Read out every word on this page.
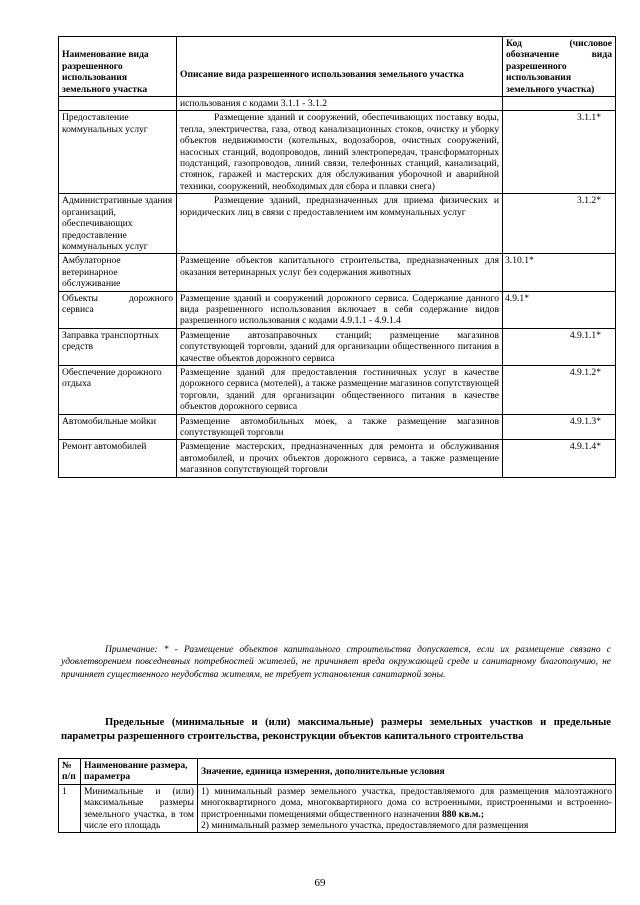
Наименование вида разрешенного использования земельного участка	Описание вида разрешенного использования земельного участка	Код (числовое обозначение вида разрешенного использования земельного участка)
	использования с кодами 3.1.1 - 3.1.2	
Предоставление коммунальных услуг	Размещение зданий и сооружений, обеспечивающих поставку воды, тепла, электричества, газа, отвод канализационных стоков, очистку и уборку объектов недвижимости (котельных, водозаборов, очистных сооружений, насосных станций, водопроводов, линий электропередач, трансформаторных подстанций, газопроводов, линий связи, телефонных станций, канализаций, стоянок, гаражей и мастерских для обслуживания уборочной и аварийной техники, сооружений, необходимых для сбора и плавки снега)	3.1.1*
Административные здания организаций, обеспечивающих предоставление коммунальных услуг	Размещение зданий, предназначенных для приема физических и юридических лиц в связи с предоставлением им коммунальных услуг	3.1.2*
Амбулаторное ветеринарное обслуживание	Размещение объектов капитального строительства, предназначенных для оказания ветеринарных услуг без содержания животных	3.10.1*
Объекты дорожного сервиса	Размещение зданий и сооружений дорожного сервиса. Содержание данного вида разрешенного использования включает в себя содержание видов разрешенного использования с кодами 4.9.1.1 - 4.9.1.4	4.9.1*
Заправка транспортных средств	Размещение автозаправочных станций; размещение магазинов сопутствующей торговли, зданий для организации общественного питания в качестве объектов дорожного сервиса	4.9.1.1*
Обеспечение дорожного отдыха	Размещение зданий для предоставления гостиничных услуг в качестве дорожного сервиса (мотелей), а также размещение магазинов сопутствующей торговли, зданий для организации общественного питания в качестве объектов дорожного сервиса	4.9.1.2*
Автомобильные мойки	Размещение автомобильных моек, а также размещение магазинов сопутствующей торговли	4.9.1.3*
Ремонт автомобилей	Размещение мастерских, предназначенных для ремонта и обслуживания автомобилей, и прочих объектов дорожного сервиса, а также размещение магазинов сопутствующей торговли	4.9.1.4*
Примечание: * - Размещение объектов капитального строительства допускается, если их размещение связано с удовлетворением повседневных потребностей жителей, не причиняет вреда окружающей среде и санитарному благополучию, не причиняет существенного неудобства жителям, не требует установления санитарной зоны.
Предельные (минимальные и (или) максимальные) размеры земельных участков и предельные параметры разрешенного строительства, реконструкции объектов капитального строительства
№ п/п	Наименование размера, параметра	Значение, единица измерения, дополнительные условия
1	Минимальные и (или) максимальные размеры земельного участка, в том числе его площадь	1) минимальный размер земельного участка, предоставляемого для размещения малоэтажного многоквартирного дома, многоквартирного дома со встроенными, пристроенными и встроенно-пристроенными помещениями общественного назначения 880 кв.м.;
2) минимальный размер земельного участка, предоставляемого для размещения
69
